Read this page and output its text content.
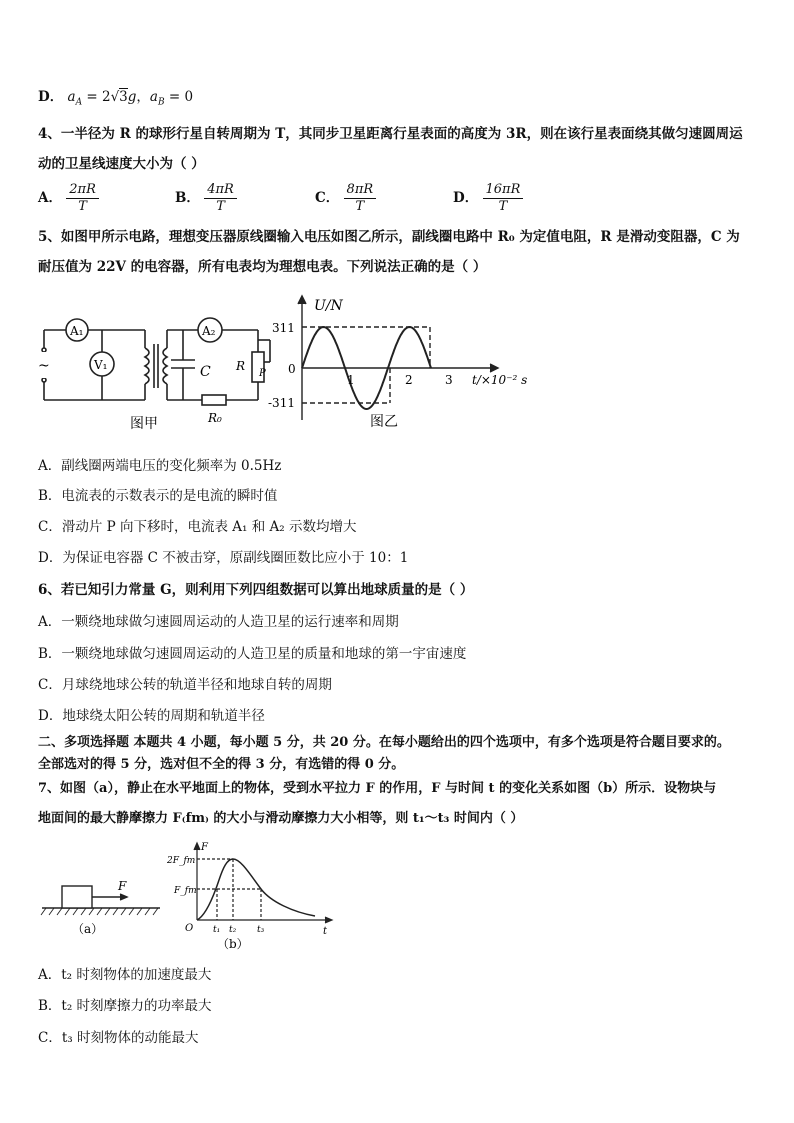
D． $a_A = 2√3g$，$a_B = 0$
4、一半径为 R 的球形行星自转周期为 T，其同步卫星距离行星表面的高度为 3R，则在该行星表面绕其做匀速圆周运
动的卫星线速度大小为（ ）
A． $\frac{2\pi R}{T}$	B． $\frac{4\pi R}{T}$	C． $\frac{8\pi R}{T}$	D． $\frac{16\pi R}{T}$
5、如图甲所示电路，理想变压器原线圈输入电压如图乙所示，副线圈电路中 R₀ 为定值电阻，R 是滑动变阻器，C 为
耐压值为 22V 的电容器，所有电表均为理想电表。下列说法正确的是（ ）
~
A₁
V₁
A₂
C R
P
R₀
图甲
U/N
311
0
-311
1	2	3 t/×10⁻² s
图乙
A．副线圈两端电压的变化频率为 0.5Hz
B．电流表的示数表示的是电流的瞬时值
C．滑动片 P 向下移时，电流表 A₁ 和 A₂ 示数均增大
D．为保证电容器 C 不被击穿，原副线圈匝数比应小于 10：1
6、若已知引力常量 G，则利用下列四组数据可以算出地球质量的是（ ）
A．一颗绕地球做匀速圆周运动的人造卫星的运行速率和周期
B．一颗绕地球做匀速圆周运动的人造卫星的质量和地球的第一宇宙速度
C．月球绕地球公转的轨道半径和地球自转的周期
D．地球绕太阳公转的周期和轨道半径
二、多项选择题 本题共 4 小题，每小题 5 分，共 20 分。在每小题给出的四个选项中，有多个选项是符合题目要求的。
全部选对的得 5 分，选对但不全的得 3 分，有选错的得 0 分。
7、如图（a），静止在水平地面上的物体，受到水平拉力 F 的作用，F 与时间 t 的变化关系如图（b）所示．设物块与
地面间的最大静摩擦力 F₍fm₎ 的大小与滑动摩擦力大小相等，则 t₁～t₃ 时间内（ ）
F
（a）
F
2F_fm
F_fm
O t₁ t₂ t₃	t
（b）
A．t₂ 时刻物体的加速度最大
B．t₂ 时刻摩擦力的功率最大
C．t₃ 时刻物体的动能最大
